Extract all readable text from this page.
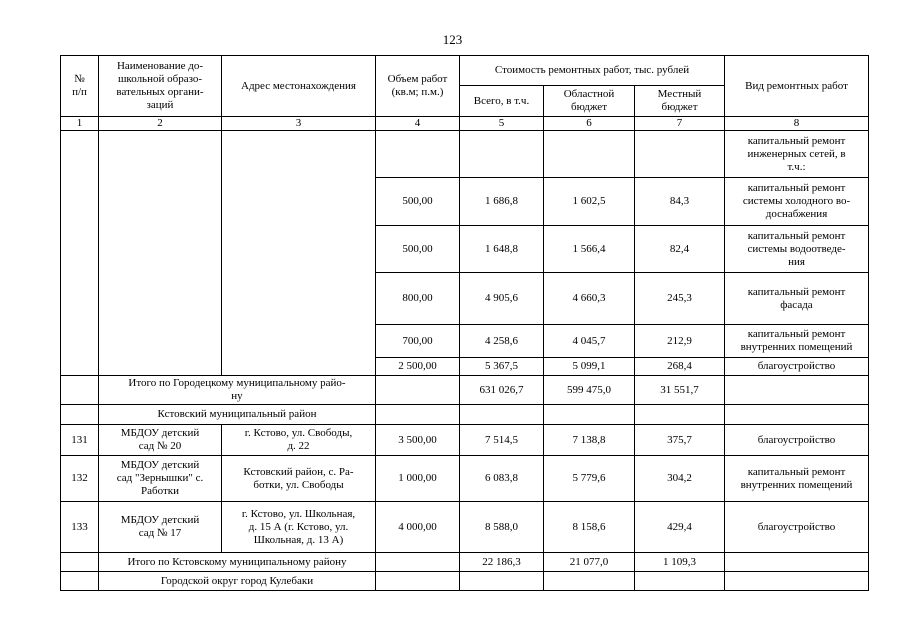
123
№
п/п	Наименование до-
школьной образо-
вательных органи-
заций	Адрес местонахождения	Объем работ
(кв.м; п.м.)	Стоимость ремонтных работ, тыс. рублей			Вид ремонтных работ
				Всего, в т.ч.	Областной
бюджет	Местный
бюджет	
1	2	3	4	5	6	7	8
							капитальный ремонт
инженерных сетей, в
т.ч.:
			500,00	1 686,8	1 602,5	84,3	капитальный ремонт
системы холодного во-
доснабжения
			500,00	1 648,8	1 566,4	82,4	капитальный ремонт
системы водоотведе-
ния
			800,00	4 905,6	4 660,3	245,3	капитальный ремонт
фасада
			700,00	4 258,6	4 045,7	212,9	капитальный ремонт
внутренних помещений
			2 500,00	5 367,5	5 099,1	268,4	благоустройство
	Итого по Городецкому муниципальному райо-
ну			631 026,7	599 475,0	31 551,7	
	Кстовский муниципальный район						
131	МБДОУ детский
сад № 20	г. Кстово, ул. Свободы,
д. 22	3 500,00	7 514,5	7 138,8	375,7	благоустройство
132	МБДОУ детский
сад "Зернышки" с.
Работки	Кстовский район, с. Ра-
ботки, ул. Свободы	1 000,00	6 083,8	5 779,6	304,2	капитальный ремонт
внутренних помещений
133	МБДОУ детский
сад № 17	г. Кстово, ул. Школьная,
д. 15 А (г. Кстово, ул.
Школьная, д. 13 А)	4 000,00	8 588,0	8 158,6	429,4	благоустройство
	Итого по Кстовскому муниципальному району			22 186,3	21 077,0	1 109,3	
	Городской округ город Кулебаки						
